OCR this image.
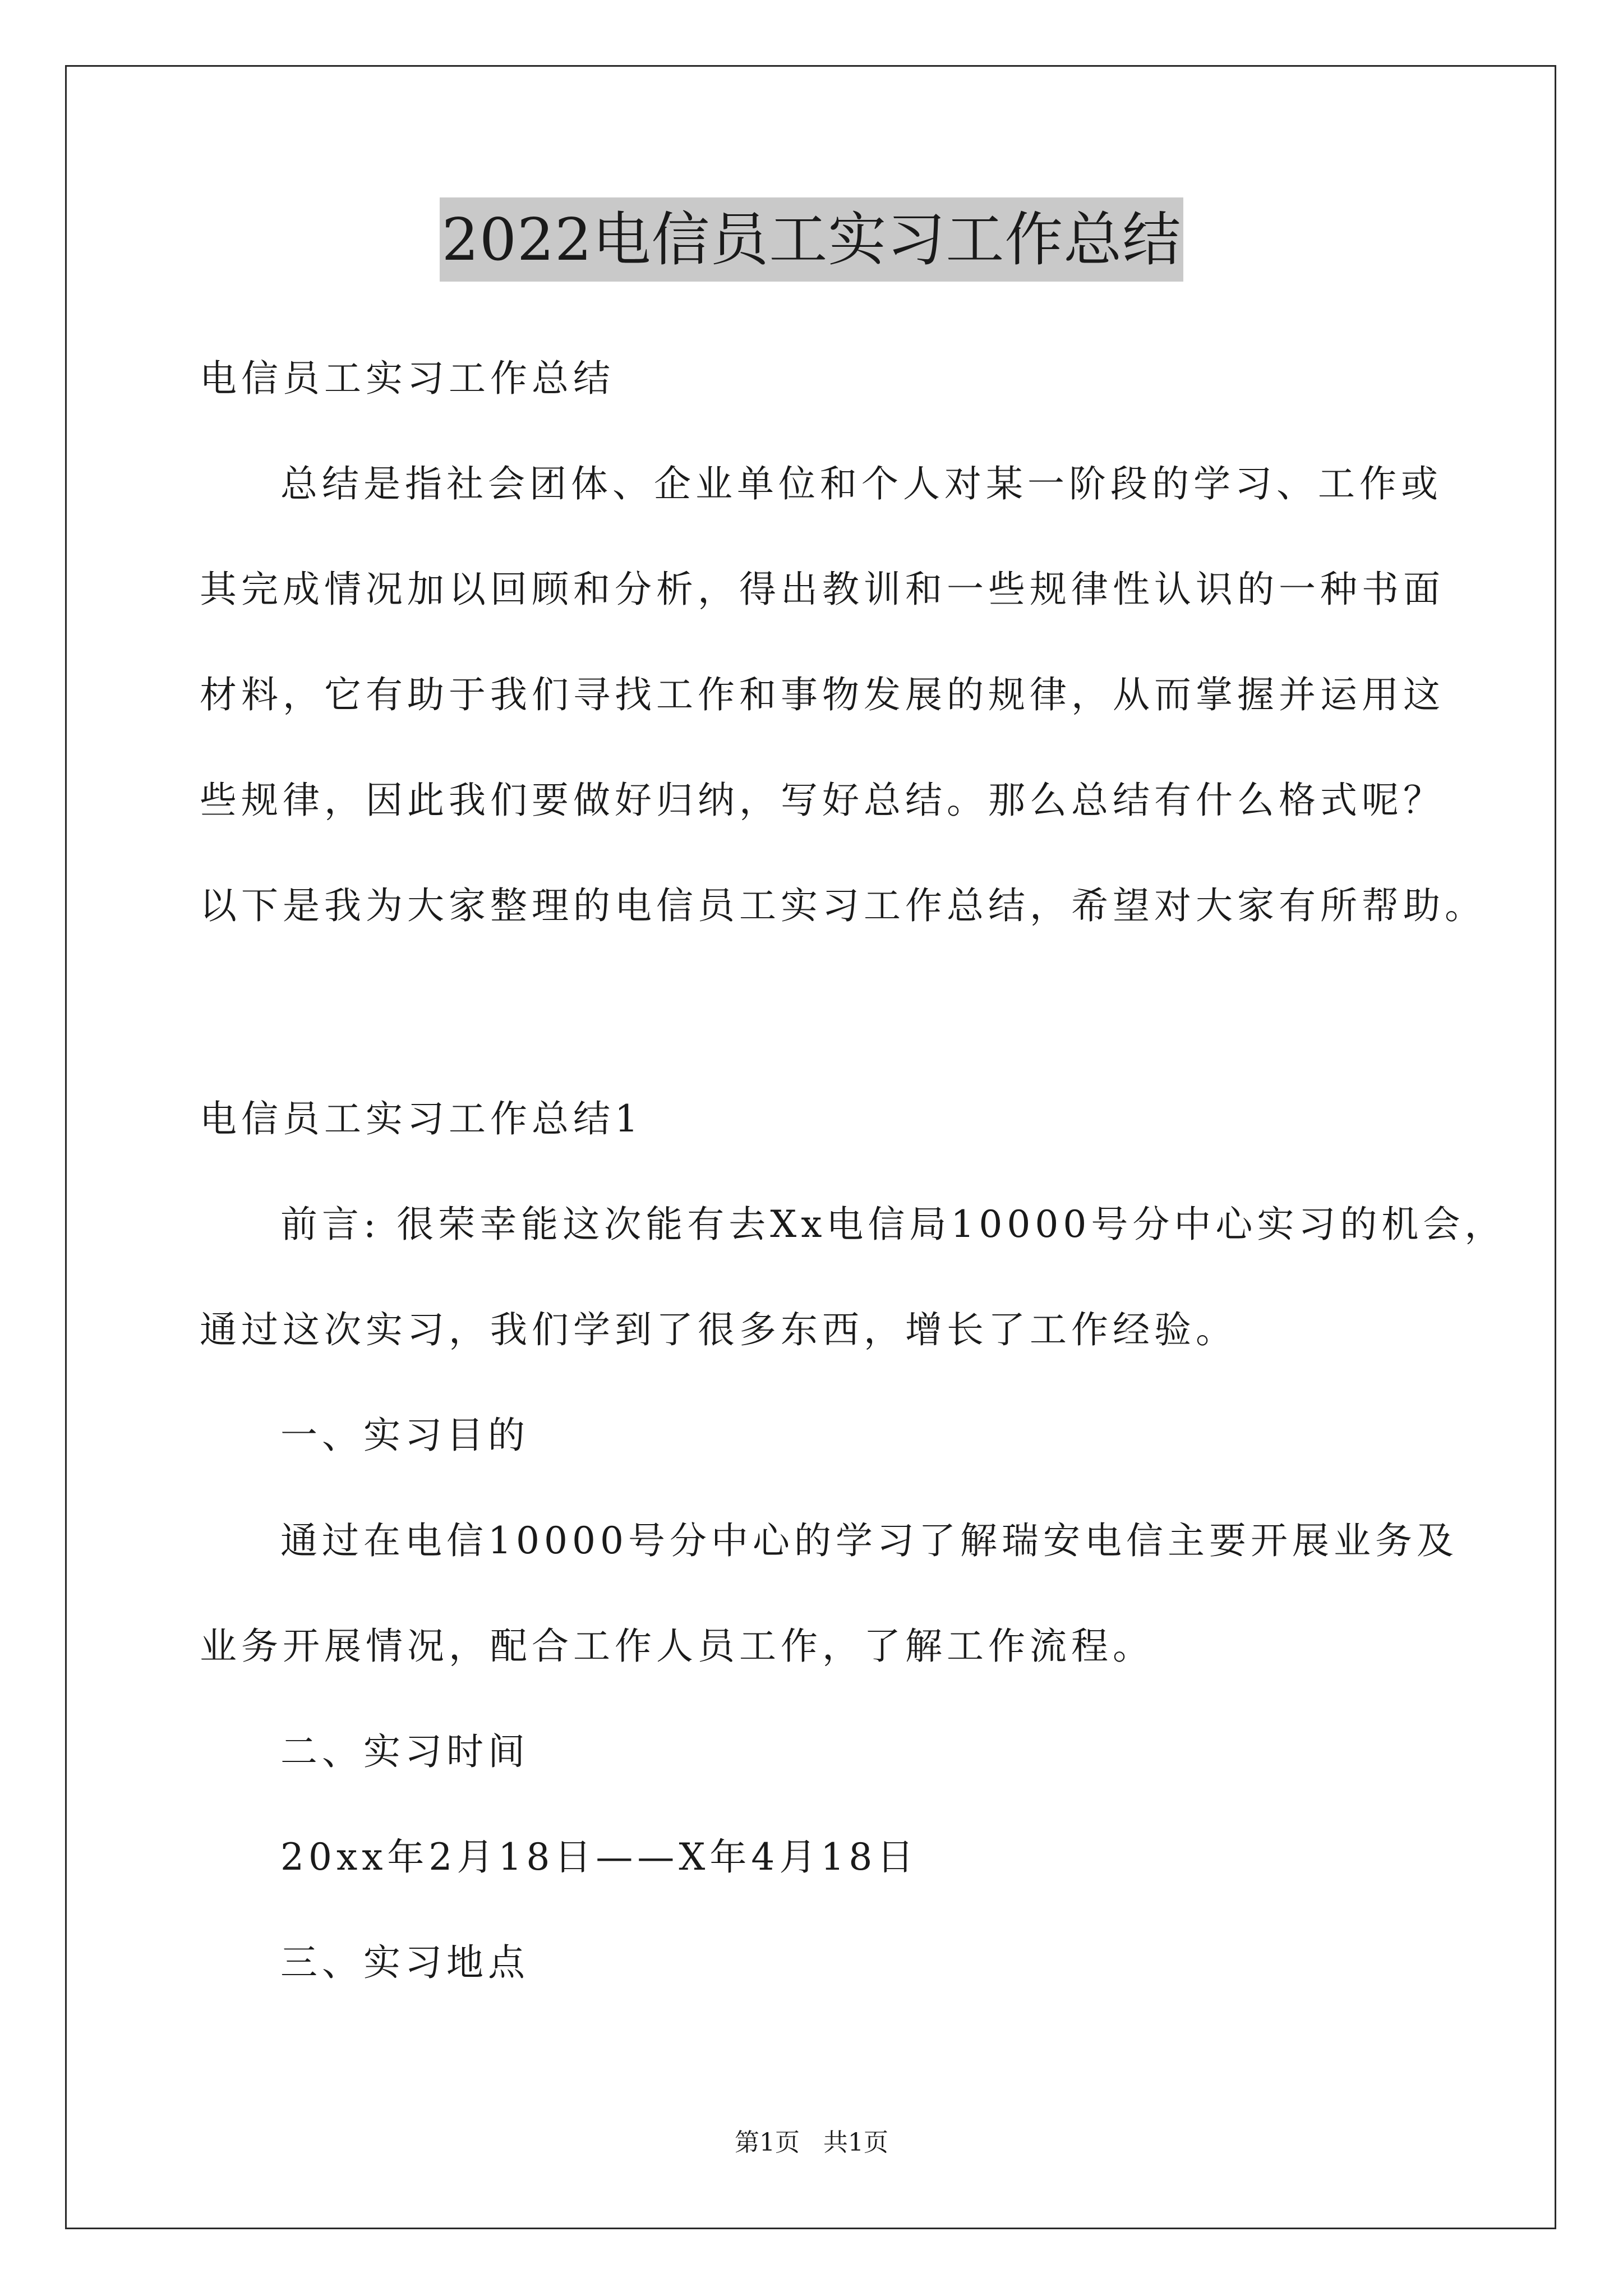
2022电信员工实习工作总结
电信员工实习工作总结
总结是指社会团体、企业单位和个人对某一阶段的学习、工作或
其完成情况加以回顾和分析，得出教训和一些规律性认识的一种书面
材料，它有助于我们寻找工作和事物发展的规律，从而掌握并运用这
些规律，因此我们要做好归纳，写好总结。那么总结有什么格式呢？
以下是我为大家整理的电信员工实习工作总结，希望对大家有所帮助。
电信员工实习工作总结1
前言: 很荣幸能这次能有去Xx电信局10000号分中心实习的机会，
通过这次实习，我们学到了很多东西，增长了工作经验。
一、实习目的
通过在电信10000号分中心的学习了解瑞安电信主要开展业务及
业务开展情况，配合工作人员工作，了解工作流程。
二、实习时间
20xx年2月18日——X年4月18日
三、实习地点
第1页   共1页
